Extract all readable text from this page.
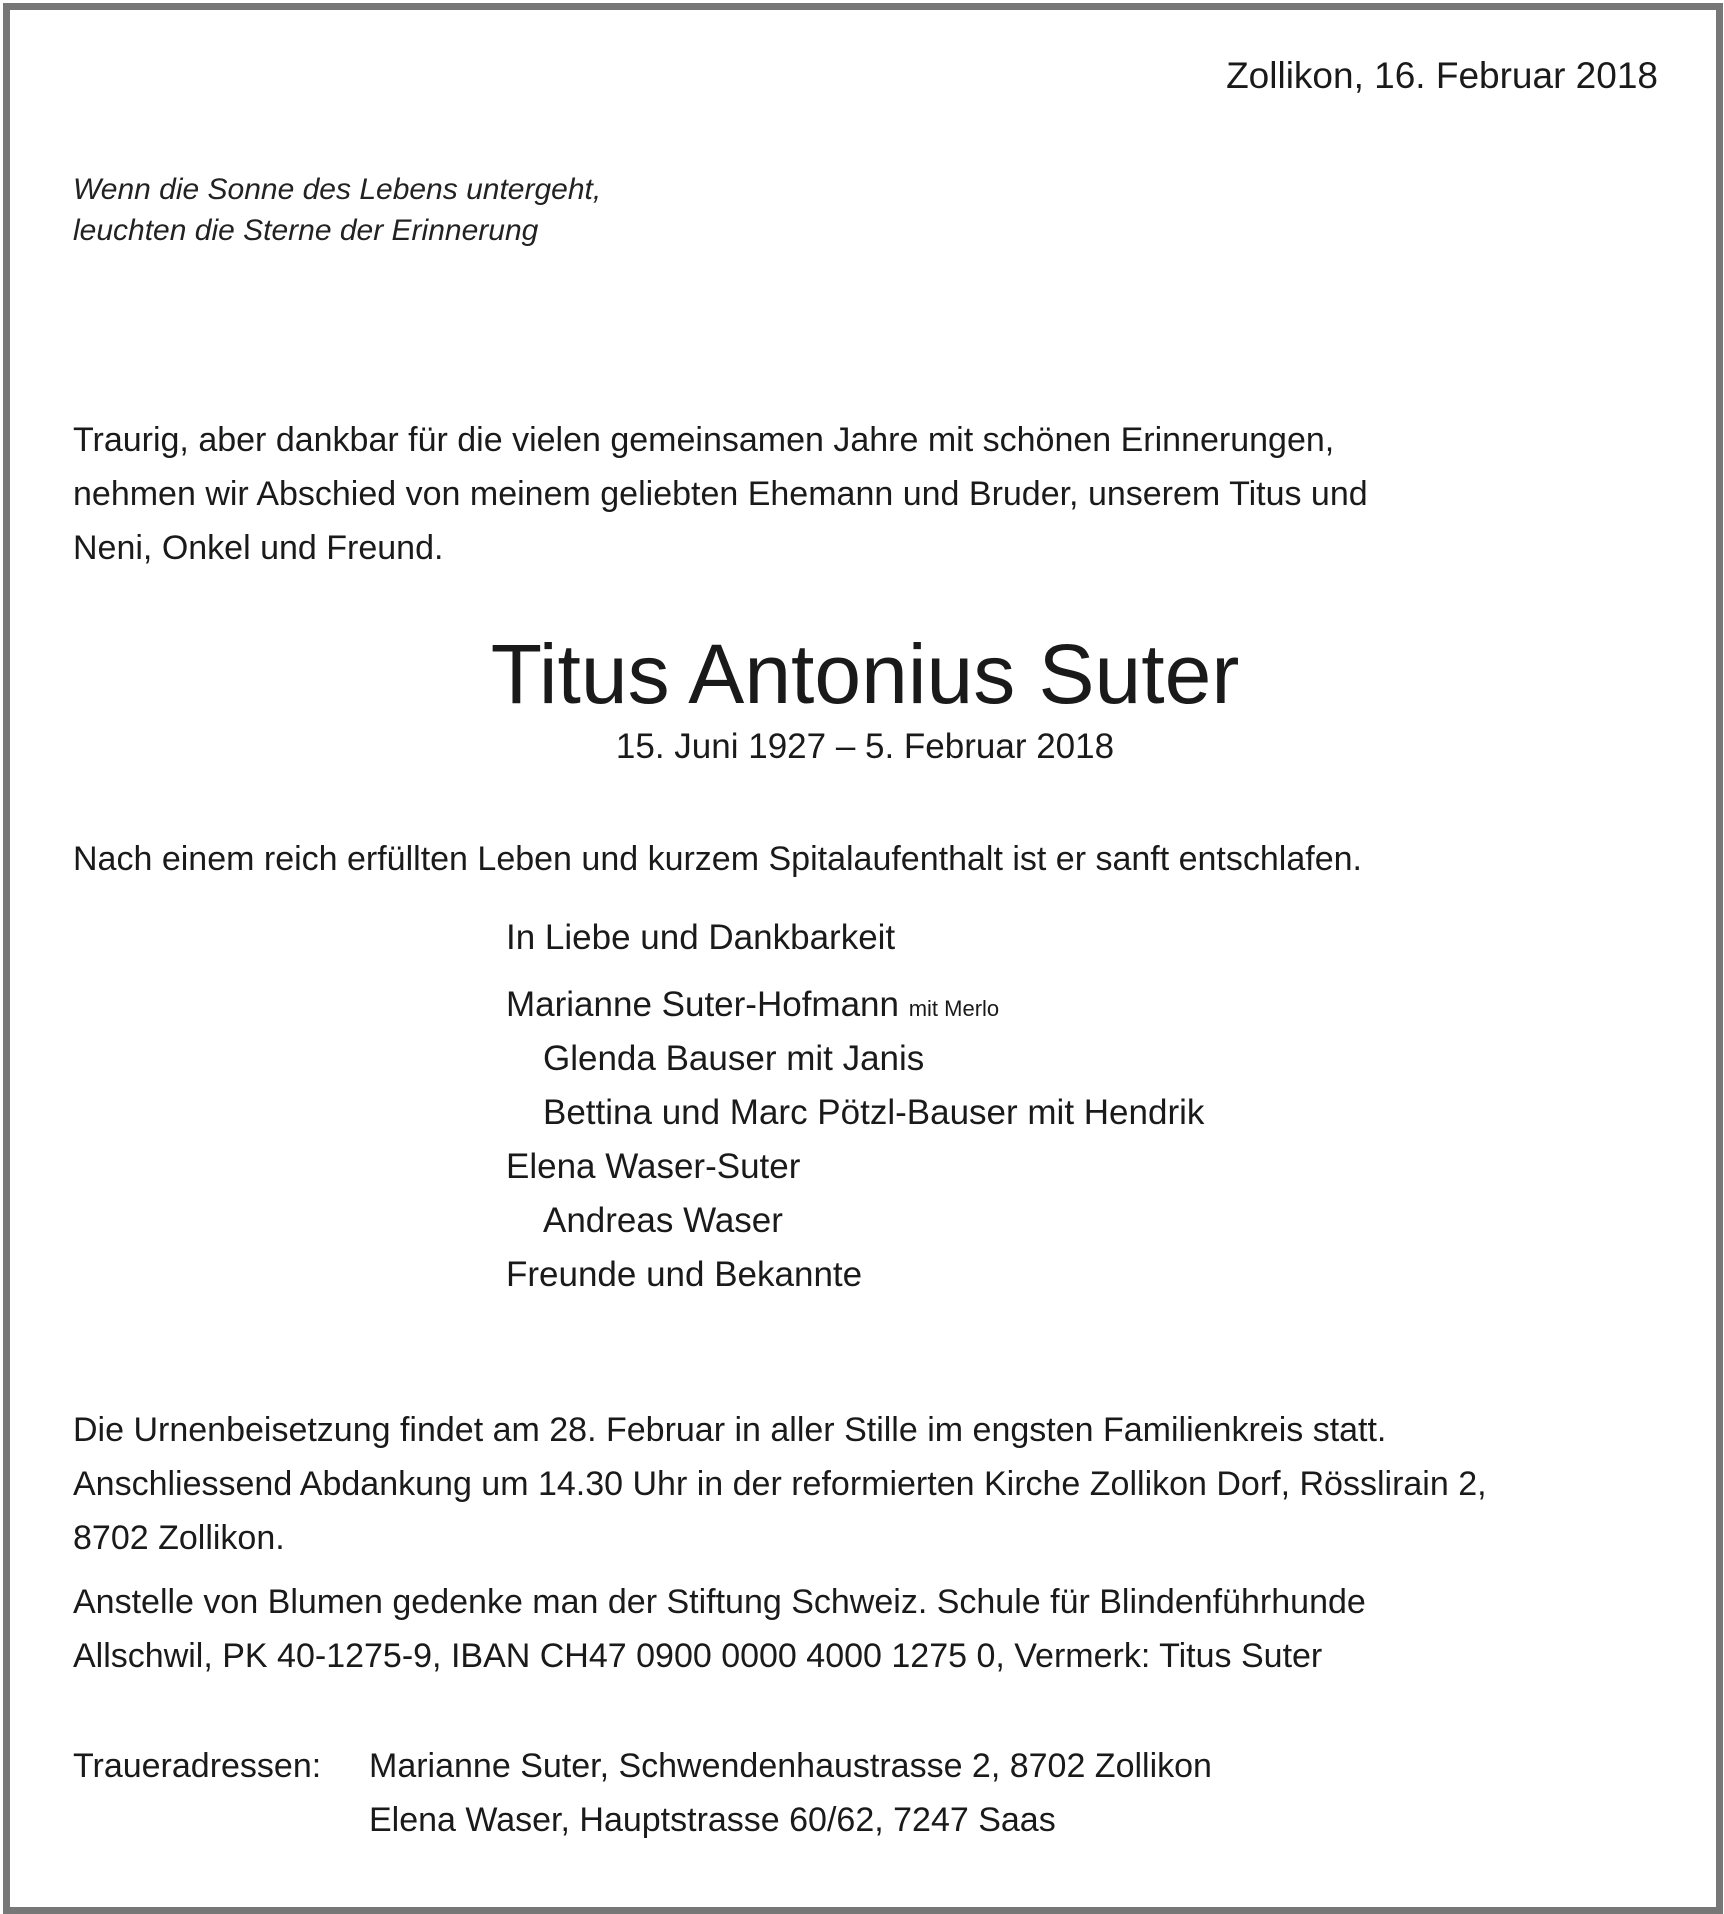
Zollikon, 16. Februar 2018

Wenn die Sonne des Lebens untergeht,

leuchten die Sterne der Erinnerung

Traurig, aber dankbar für die vielen gemeinsamen Jahre mit schönen Erinnerungen,

nehmen wir Abschied von meinem geliebten Ehemann und Bruder, unserem Titus und

Neni, Onkel und Freund.

Titus Antonius Suter

15. Juni 1927 – 5. Februar 2018

Nach einem reich erfüllten Leben und kurzem Spitalaufenthalt ist er sanft entschlafen.

In Liebe und Dankbarkeit

Marianne Suter-Hofmann mit Merlo

Glenda Bauser mit Janis

Bettina und Marc Pötzl-Bauser mit Hendrik

Elena Waser-Suter

Andreas Waser

Freunde und Bekannte

Die Urnenbeisetzung findet am 28. Februar in aller Stille im engsten Familienkreis statt.

Anschliessend Abdankung um 14.30 Uhr in der reformierten Kirche Zollikon Dorf, Rösslirain 2,

8702 Zollikon.

Anstelle von Blumen gedenke man der Stiftung Schweiz. Schule für Blindenführhunde

Allschwil, PK 40-1275-9, IBAN CH47 0900 0000 4000 1275 0, Vermerk: Titus Suter

Traueradressen: Marianne Suter, Schwendenhaustrasse 2, 8702 Zollikon

Elena Waser, Hauptstrasse 60/62, 7247 Saas
